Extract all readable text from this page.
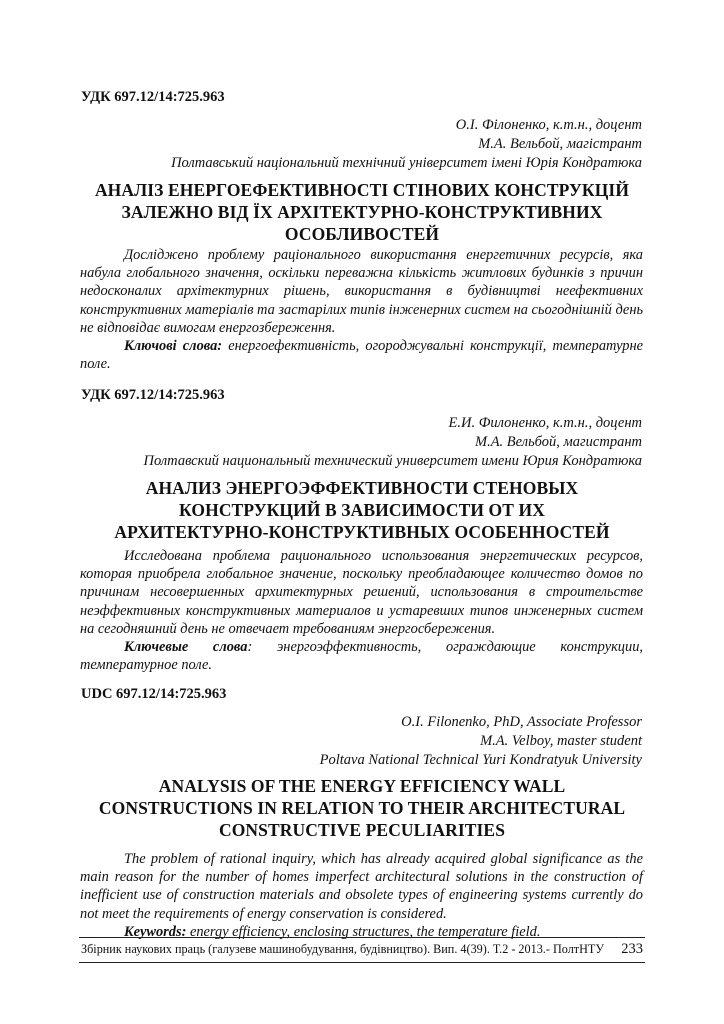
УДК 697.12/14:725.963
О.І. Філоненко, к.т.н., доцент
М.А. Вельбой, магістрант
Полтавський національний технічний університет імені Юрія Кондратюка
АНАЛІЗ ЕНЕРГОЕФЕКТИВНОСТІ СТІНОВИХ КОНСТРУКЦІЙ
ЗАЛЕЖНО ВІД ЇХ АРХІТЕКТУРНО-КОНСТРУКТИВНИХ
ОСОБЛИВОСТЕЙ

Досліджено проблему раціонального використання енергетичних ресурсів, яка набула глобального значення, оскільки переважна кількість житлових будинків з причин недосконалих архітектурних рішень, використання в будівництві неефективних конструктивних матеріалів та застарілих типів інженерних систем на сьогоднішній день не відповідає вимогам енергозбереження.

Ключові слова: енергоефективність, огороджувальні конструкції, температурне поле.

УДК 697.12/14:725.963
Е.И. Филоненко, к.т.н., доцент
М.А. Вельбой, магистрант
Полтавский национальный технический университет имени Юрия Кондратюка
АНАЛИЗ ЭНЕРГОЭФФЕКТИВНОСТИ СТЕНОВЫХ
КОНСТРУКЦИЙ В ЗАВИСИМОСТИ ОТ ИХ
АРХИТЕКТУРНО-КОНСТРУКТИВНЫХ ОСОБЕННОСТЕЙ

Исследована проблема рационального использования энергетических ресурсов, которая приобрела глобальное значение, поскольку преобладающее количество домов по причинам несовершенных архитектурных решений, использования в строительстве неэффективных конструктивных материалов и устаревших типов инженерных систем на сегодняшний день не отвечает требованиям энергосбережения.

Ключевые слова: энергоэффективность, ограждающие конструкции, температурное поле.

UDC 697.12/14:725.963
O.I. Filonenko, PhD, Associate Professor
M.A. Velboy, master student
Poltava National Technical Yuri Kondratyuk University
ANALYSIS OF THE ENERGY EFFICIENCY WALL
CONSTRUCTIONS IN RELATION TO THEIR ARCHITECTURAL
CONSTRUCTIVE PECULIARITIES

The problem of rational inquiry, which has already acquired global significance as the main reason for the number of homes imperfect architectural solutions in the construction of inefficient use of construction materials and obsolete types of engineering systems currently do not meet the requirements of energy conservation is considered.

Keywords: energy efficiency, enclosing structures, the temperature field.

Збірник наукових праць (галузеве машинобудування, будівництво). Вип. 4(39). Т.2 - 2013.- ПолтНТУ 233
